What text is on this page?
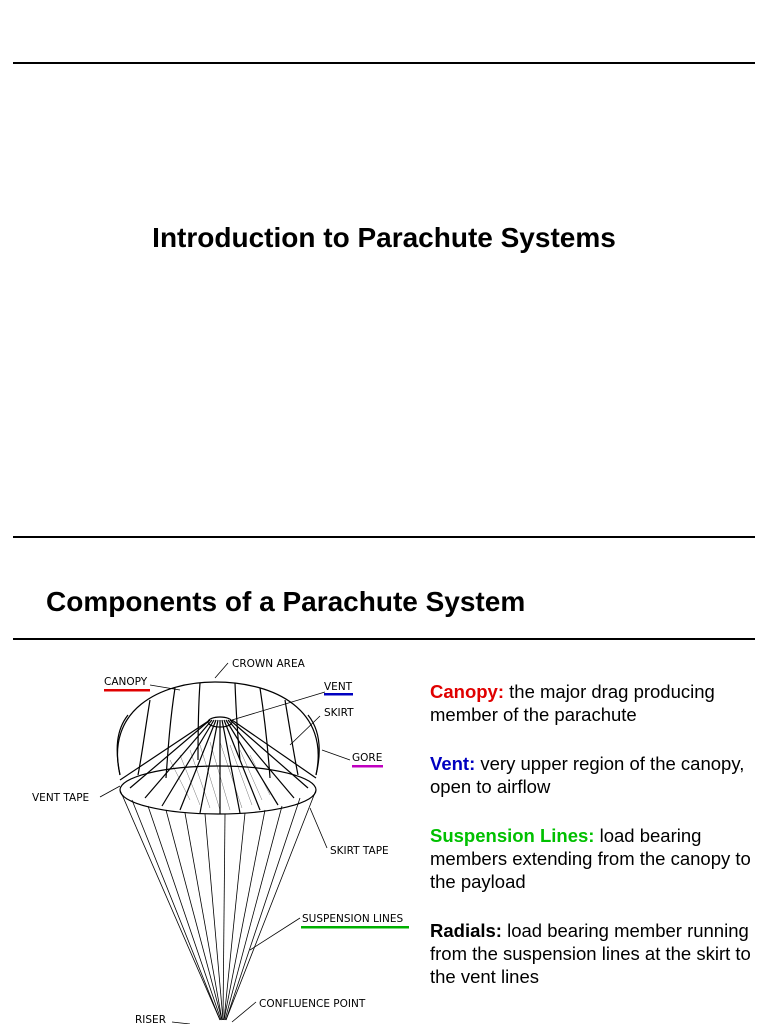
Introduction to Parachute Systems
Components of a Parachute System
CROWN AREA
CANOPY	VENT
SKIRT
GORE
VENT TAPE
SKIRT TAPE
SUSPENSION LINES
CONFLUENCE POINT
RISER
Canopy: the major drag producing member of the parachute
Vent: very upper region of the canopy, open to airflow
Suspension Lines: load bearing members extending from the canopy to the payload
Radials: load bearing member running from the suspension lines at the skirt to the vent lines
